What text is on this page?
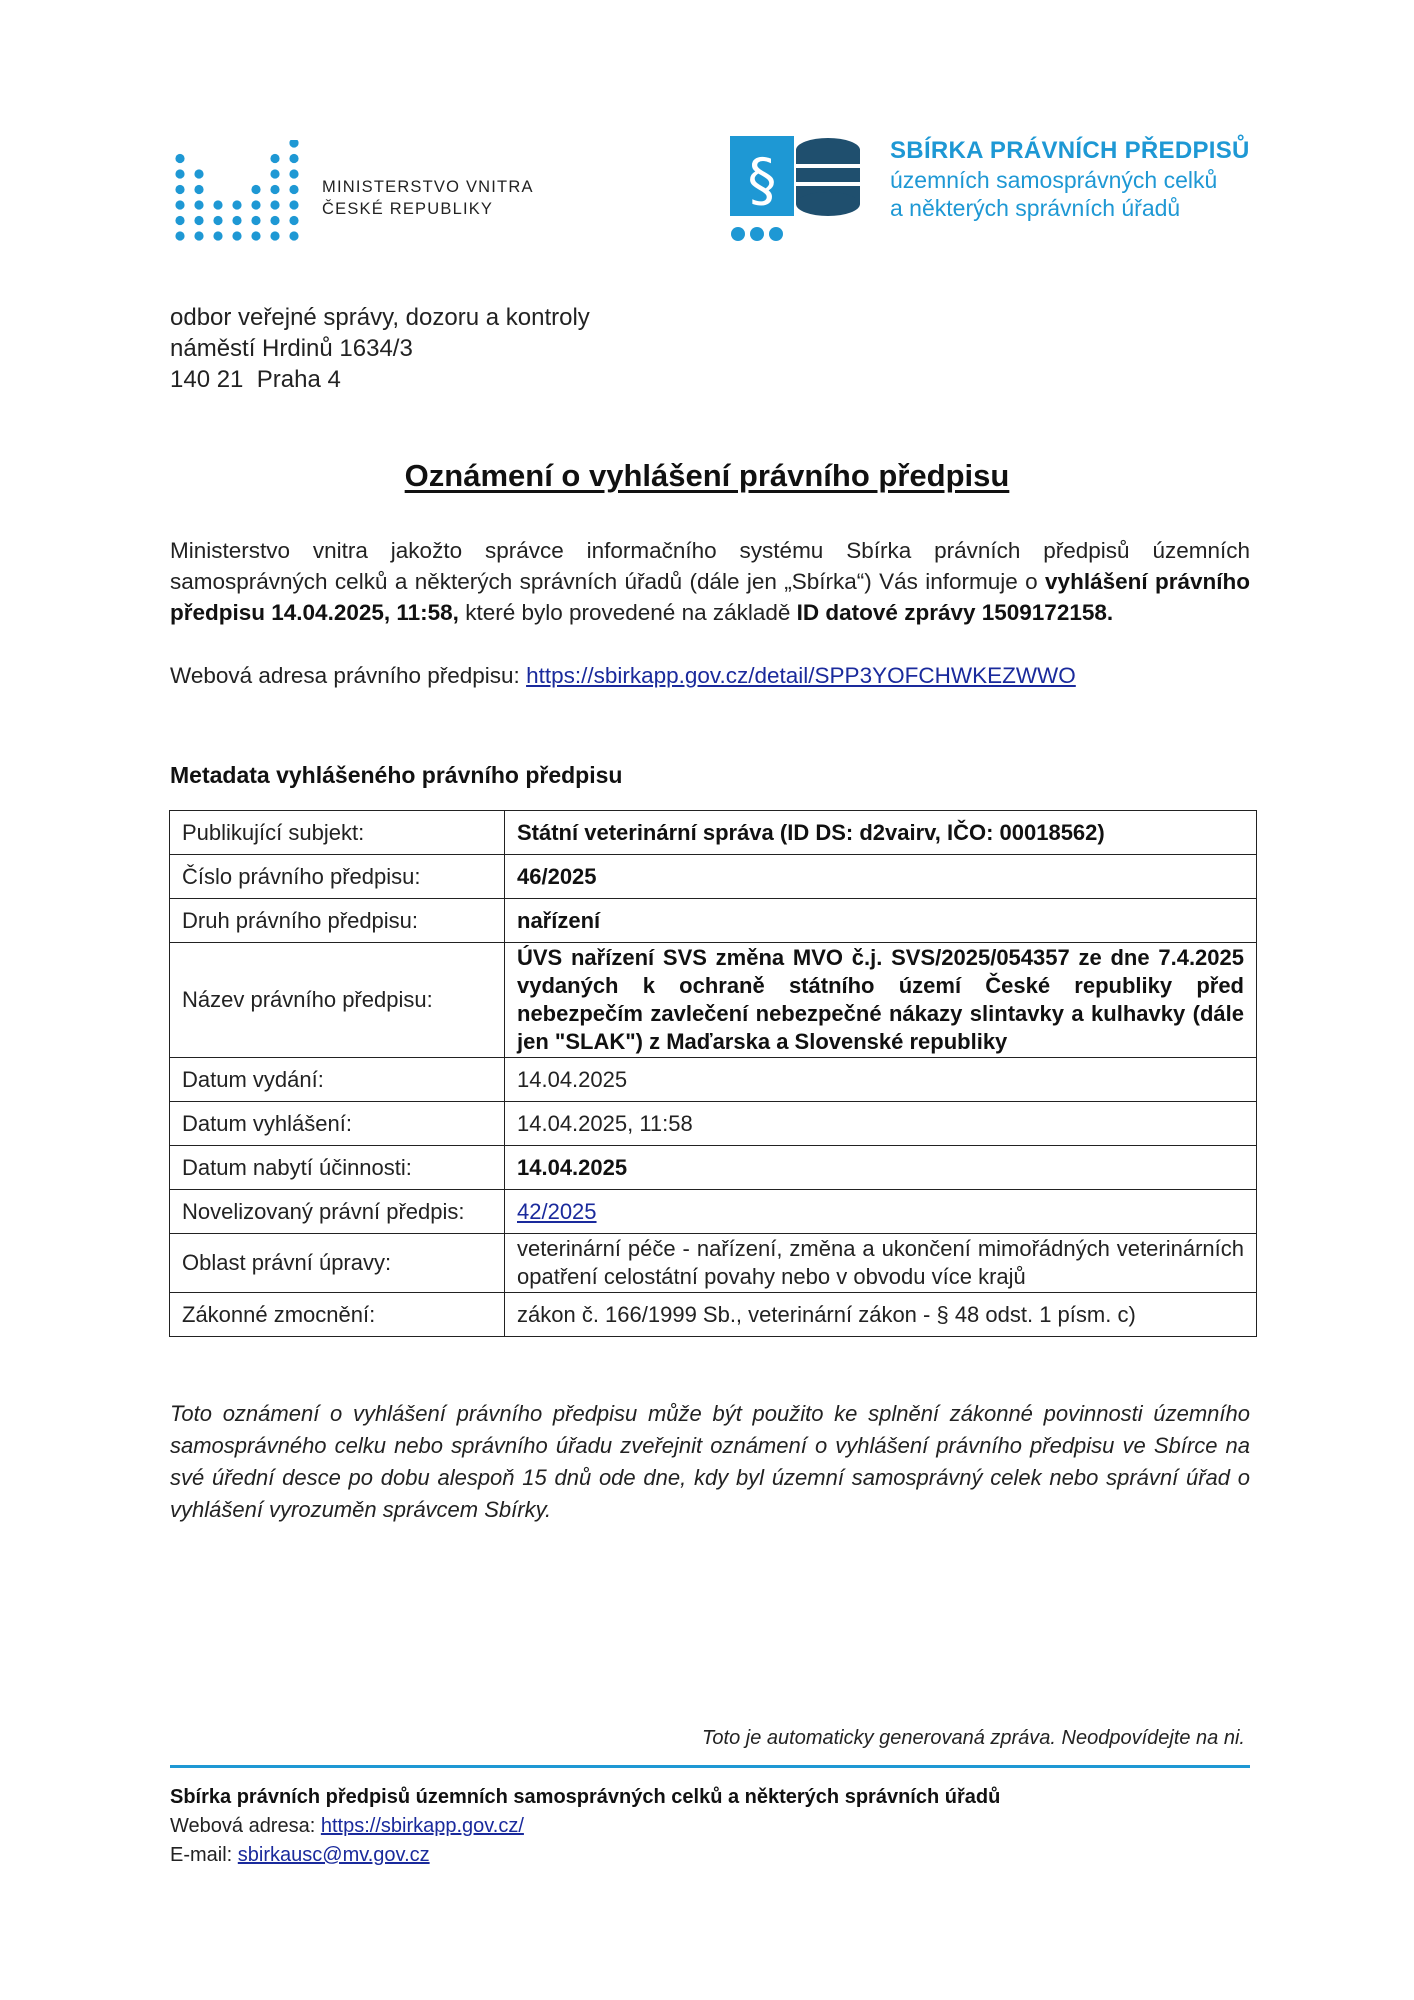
MINISTERSTVO VNITRA
ČESKÉ REPUBLIKY	§	SBÍRKA PRÁVNÍCH PŘEDPISŮ
územních samosprávných celků
a některých správních úřadů
odbor veřejné správy, dozoru a kontroly
náměstí Hrdinů 1634/3
140 21  Praha 4
Oznámení o vyhlášení právního předpisu
Ministerstvo vnitra jakožto správce informačního systému Sbírka právních předpisů územních samosprávných celků a některých správních úřadů (dále jen „Sbírka“) Vás informuje o vyhlášení právního předpisu 14.04.2025, 11:58, které bylo provedené na základě ID datové zprávy 1509172158.
Webová adresa právního předpisu: https://sbirkapp.gov.cz/detail/SPP3YOFCHWKEZWWO
Metadata vyhlášeného právního předpisu
Publikující subjekt:	Státní veterinární správa (ID DS: d2vairv, IČO: 00018562)
Číslo právního předpisu:	46/2025
Druh právního předpisu:	nařízení
Název právního předpisu:	ÚVS nařízení SVS změna MVO č.j. SVS/2025/054357 ze dne 7.4.2025 vydaných k ochraně státního území České republiky před nebezpečím zavlečení nebezpečné nákazy slintavky a kulhavky (dále jen "SLAK") z Maďarska a Slovenské republiky
Datum vydání:	14.04.2025
Datum vyhlášení:	14.04.2025, 11:58
Datum nabytí účinnosti:	14.04.2025
Novelizovaný právní předpis:	42/2025
Oblast právní úpravy:	veterinární péče - nařízení, změna a ukončení mimořádných veterinárních opatření celostátní povahy nebo v obvodu více krajů
Zákonné zmocnění:	zákon č. 166/1999 Sb., veterinární zákon - § 48 odst. 1 písm. c)
Toto oznámení o vyhlášení právního předpisu může být použito ke splnění zákonné povinnosti územního samosprávného celku nebo správního úřadu zveřejnit oznámení o vyhlášení právního předpisu ve Sbírce na své úřední desce po dobu alespoň 15 dnů ode dne, kdy byl územní samosprávný celek nebo správní úřad o vyhlášení vyrozuměn správcem Sbírky.
Toto je automaticky generovaná zpráva. Neodpovídejte na ni.
Sbírka právních předpisů územních samosprávných celků a některých správních úřadů
Webová adresa: https://sbirkapp.gov.cz/
E-mail: sbirkausc@mv.gov.cz
